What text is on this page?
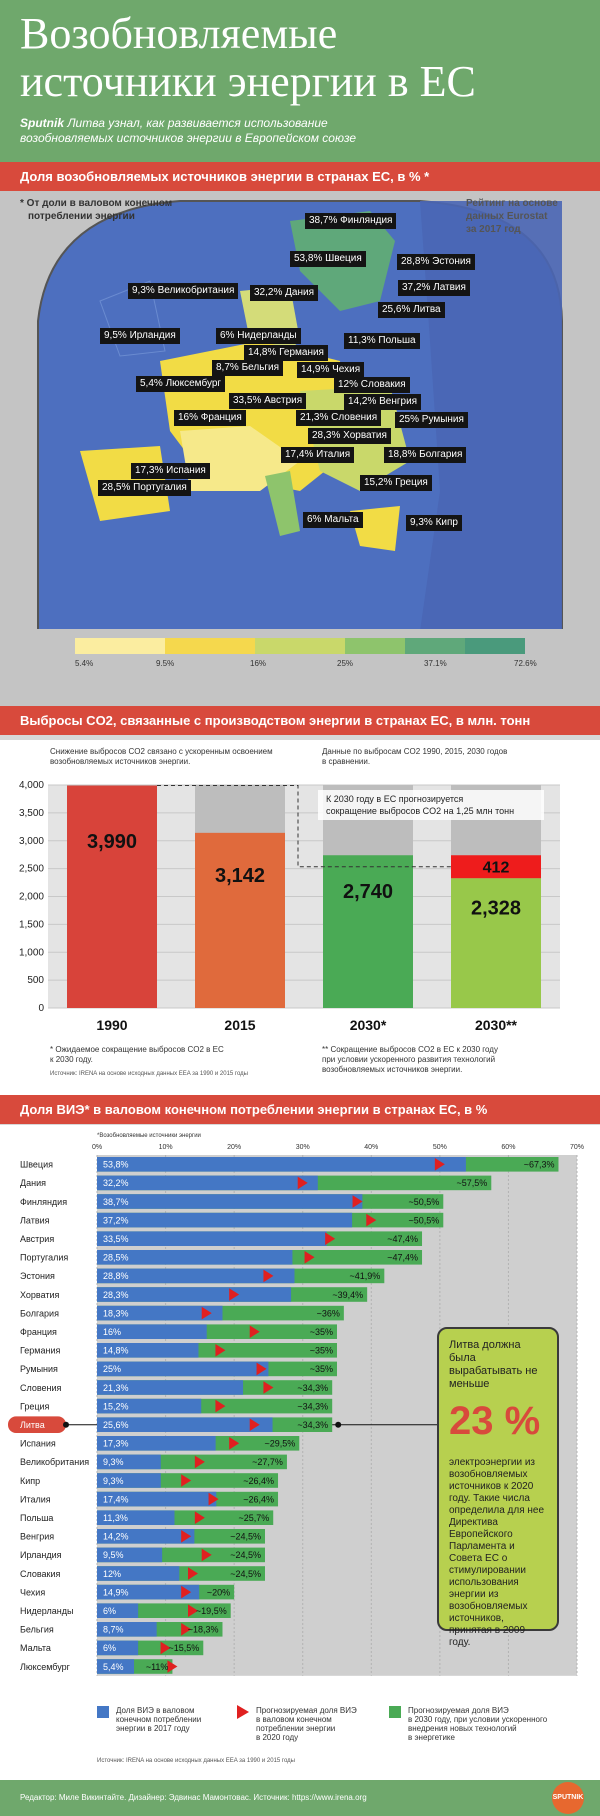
Возобновляемые
источники энергии в ЕС
Sputnik Литва узнал, как развивается использование
возобновляемых источников энергии в Европейском союзе
Доля возобновляемых источников энергии в странах ЕС, в % *
* От доли в валовом конечном
потреблении энергии
Рейтинг на основе
данных Eurostat
за 2017 год
38,7% Финляндия
53,8% Швеция	28,8% Эстония
37,2% Латвия
25,6% Литва
9,3% Великобритания	32,2% Дания
9,5% Ирландия	6% Нидерланды	11,3% Польша
14,8% Германия
8,7% Бельгия	14,9% Чехия
5,4% Люксембург	12% Словакия
33,5% Австрия	14,2% Венгрия
16% Франция	21,3% Словения	25% Румыния
28,3% Хорватия
17,4% Италия	18,8% Болгария
17,3% Испания
28,5% Португалия	15,2% Греция
6% Мальта	9,3% Кипр
5.4%	9.5%	16%	25%	37.1%	72.6%
Выбросы CO2, связанные с производством энергии в странах ЕС, в млн. тонн
Снижение выбросов CO2 связано с ускоренным освоением
возобновляемых источников энергии.
Данные по выбросам CO2 1990, 2015, 2030 годов
в сравнении.
0
500
1,000
1,500
2,000
2,500
3,000
3,500
4,000
3,990
1990
3,142
2015
2,740
2030*
2,328
2030**
412
К 2030 году в ЕС прогнозируется
сокращение выбросов CO2 на 1,25 млн тонн
* Ожидаемое сокращение выбросов CO2 в ЕС
к 2030 году.
** Сокращение выбросов CO2 в ЕС к 2030 году
при условии ускоренного развития технологий
возобновляемых источников энергии.
Источник: IRENA на основе исходных данных EEA за 1990 и 2015 годы
Доля ВИЭ* в валовом конечном потреблении энергии в странах ЕС, в %
*Возобновляемые источники энергии
0%	10%	20%	30%	40%	50%	60%	70%
Швеция	53,8%	~67,3%
Дания	32,2%	~57,5%
Финляндия	38,7%	~50,5%
Латвия	37,2%	~50,5%
Австрия	33,5%	~47,4%
Португалия	28,5%	~47,4%
Эстония	28,8%	~41,9%
Хорватия	28,3%	~39,4%
Болгария	18,3%	~36%
Франция	16%	~35%
Германия	14,8%	~35%
Румыния	25%	~35%
Словения	21,3%	~34,3%
Греция	15,2%	~34,3%
Литва	25,6%	~34,3%
Испания	17,3%	~29,5%
Великобритания 9,3%	~27,7%
Кипр	9,3%	~26,4%
Италия	17,4%	~26,4%
Польша	11,3%	~25,7%
Венгрия	14,2%	~24,5%
Ирландия	9,5%	~24,5%
Словакия	12%	~24,5%
Чехия	14,9%	~20%
Нидерланды	6%	~19,5%
Бельгия	8,7%	~18,3%
Мальта	6%	~15,5%
Люксембург	5,4% ~11%
Доля ВИЭ в валовом
конечном потреблении
энергии в 2017 году
Прогнозируемая доля ВИЭ
в валовом конечном
потреблении энергии
в 2020 году
Прогнозируемая доля ВИЭ
в 2030 году, при условии ускоренного
внедрения новых технологий
в энергетике
Источник: IRENA на основе исходных данных EEA за 1990 и 2015 годы
Литва должна была вырабатывать не меньше
23 %
электроэнергии из возобновляемых источников к 2020 году. Такие числа определила для нее Директива Европейского Парламента и Совета ЕС о стимулировании использования энергии из возобновляемых источников, принятая в 2009 году.
Редактор: Миле Викинтайте. Дизайнер: Эдвинас Мамонтовас. Источник: https://www.irena.org	SPUTNIK
